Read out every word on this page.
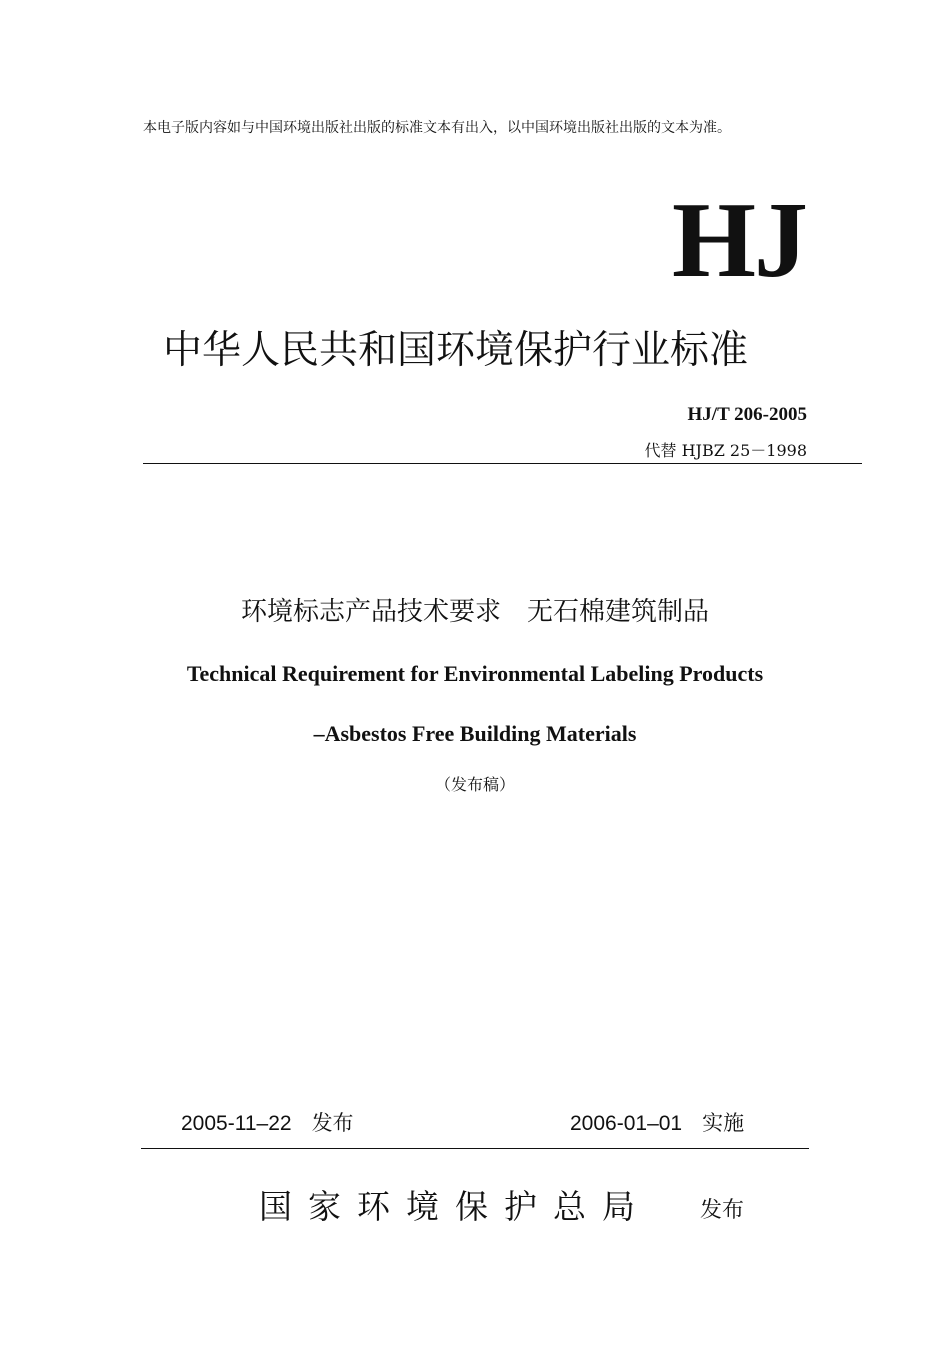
本电子版内容如与中国环境出版社出版的标准文本有出入，以中国环境出版社出版的文本为准。
HJ
中华人民共和国环境保护行业标准
HJ/T 206-2005
代替 HJBZ 25－1998
环境标志产品技术要求　无石棉建筑制品
Technical Requirement for Environmental Labeling Products
–Asbestos Free Building Materials
（发布稿）
2005-11–22 发布	2006-01–01 实施
国家环境保护总局 发布
